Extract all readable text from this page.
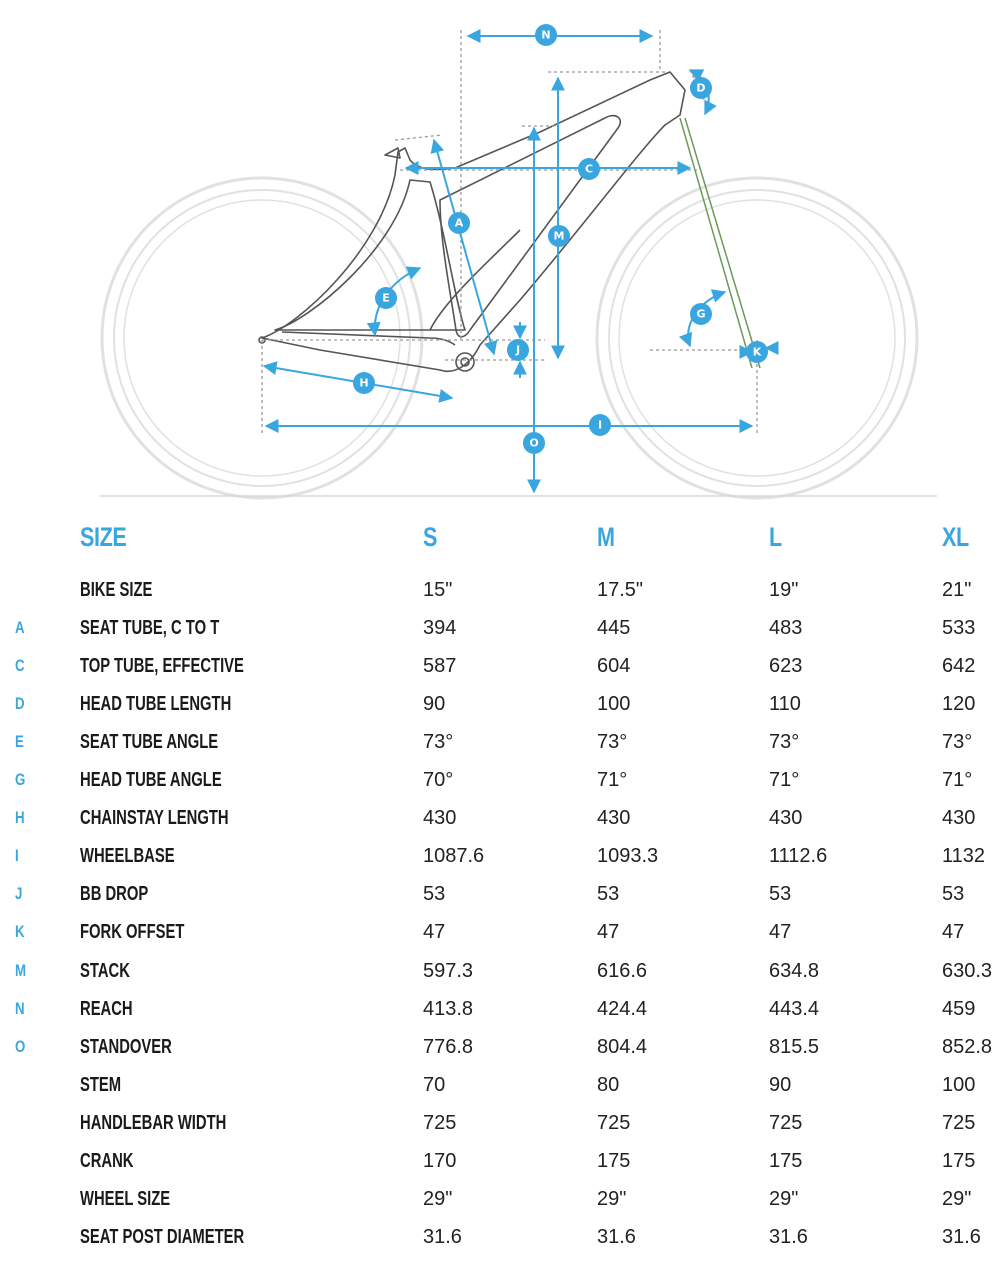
N
D
C
A
M
E
J
G
K
H
I
O
SIZE	S	M	L	XL
BIKE SIZE	15"	17.5"	19"	21"
A	SEAT TUBE, C TO T	394	445	483	533
C	TOP TUBE, EFFECTIVE	587	604	623	642
D	HEAD TUBE LENGTH	90	100	110	120
E	SEAT TUBE ANGLE	73°	73°	73°	73°
G	HEAD TUBE ANGLE	70°	71°	71°	71°
H	CHAINSTAY LENGTH	430	430	430	430
I	WHEELBASE	1087.6	1093.3	1112.6	1132
J	BB DROP	53	53	53	53
K	FORK OFFSET	47	47	47	47
M	STACK	597.3	616.6	634.8	630.3
N	REACH	413.8	424.4	443.4	459
O	STANDOVER	776.8	804.4	815.5	852.8
STEM	70	80	90	100
HANDLEBAR WIDTH	725	725	725	725
CRANK	170	175	175	175
WHEEL SIZE	29"	29"	29"	29"
SEAT POST DIAMETER	31.6	31.6	31.6	31.6
